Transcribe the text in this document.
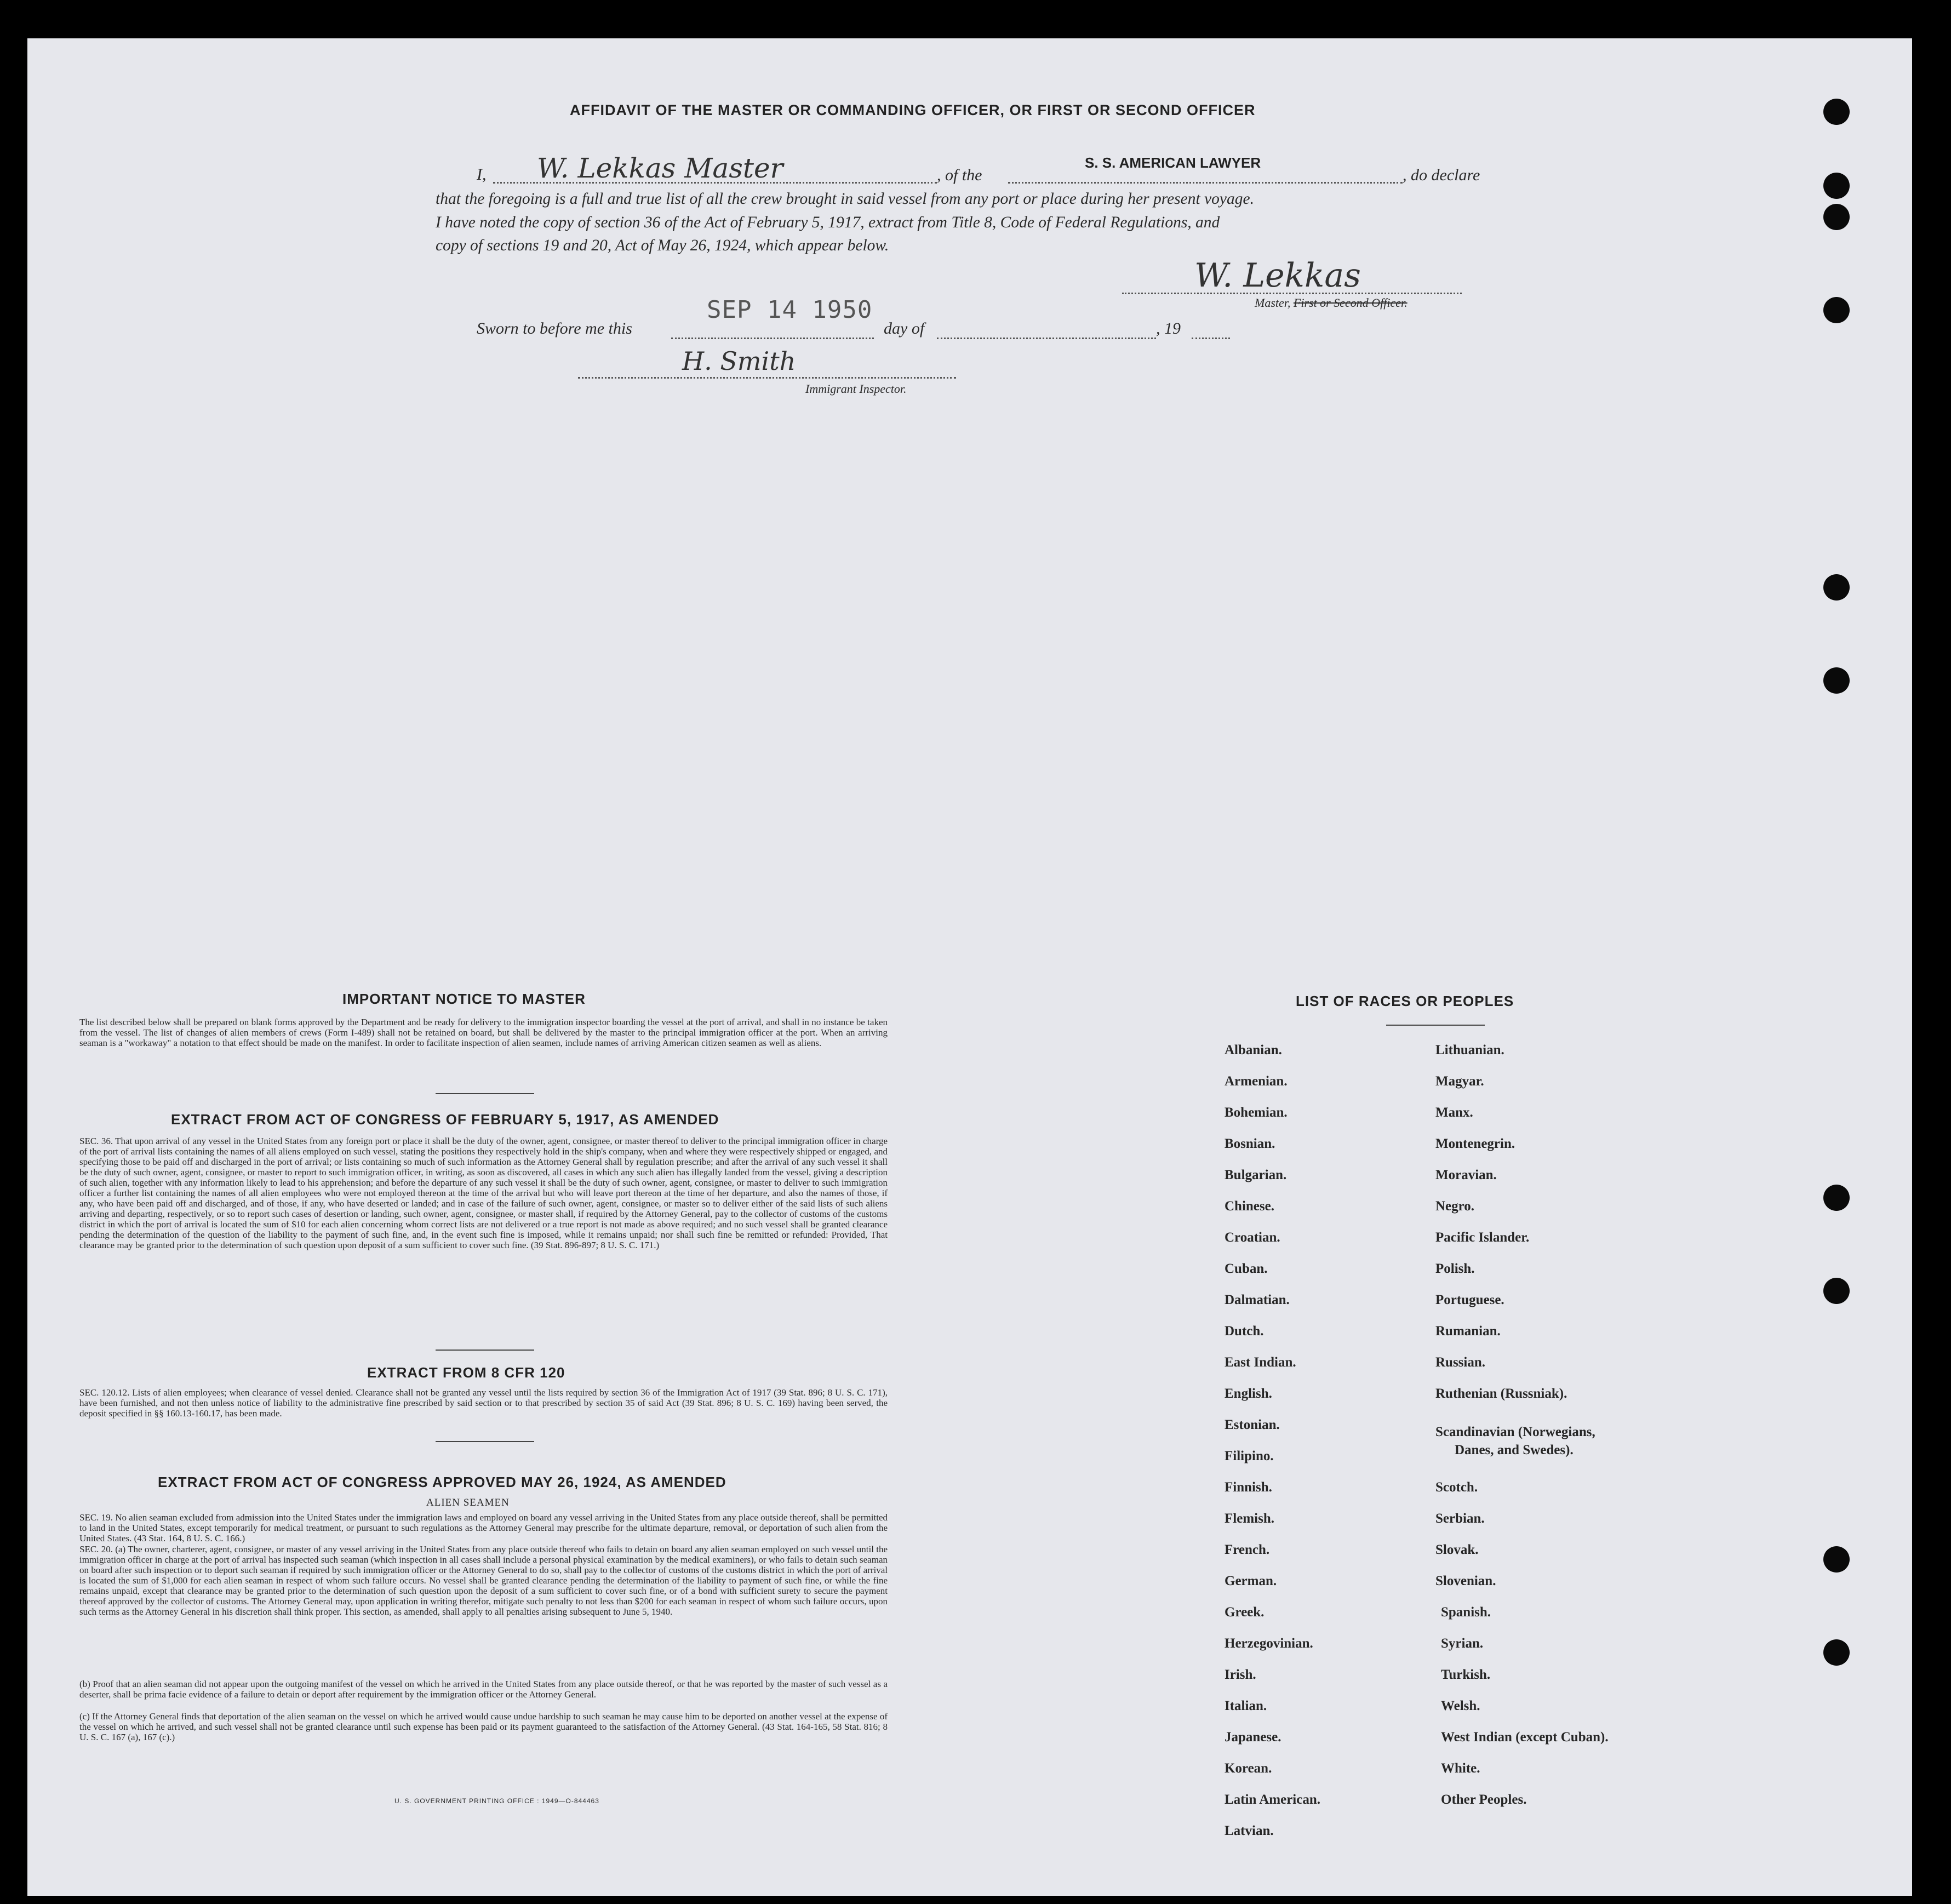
AFFIDAVIT OF THE MASTER OR COMMANDING OFFICER, OR FIRST OR SECOND OFFICER
I, W. Lekkas Master	, of the
S. S. AMERICAN LAWYER
, do declare
that the foregoing is a full and true list of all the crew brought in said vessel from any port or place during her present voyage.
I have noted the copy of section 36 of the Act of February 5, 1917, extract from Title 8, Code of Federal Regulations, and
copy of sections 19 and 20, Act of May 26, 1924, which appear below.
W. Lekkas
Master, First or Second Officer.
SEP 14 1950
Sworn to before me this	day of	, 19
H. Smith
Immigrant Inspector.
IMPORTANT NOTICE TO MASTER
The list described below shall be prepared on blank forms approved by the Department and be ready for delivery to the immigration inspector boarding the vessel at the port of arrival, and shall in no instance be taken from the vessel. The list of changes of alien members of crews (Form I-489) shall not be retained on board, but shall be delivered by the master to the principal immigration officer at the port. When an arriving seaman is a "workaway" a notation to that effect should be made on the manifest. In order to facilitate inspection of alien seamen, include names of arriving American citizen seamen as well as aliens.
EXTRACT FROM ACT OF CONGRESS OF FEBRUARY 5, 1917, AS AMENDED
SEC. 36. That upon arrival of any vessel in the United States from any foreign port or place it shall be the duty of the owner, agent, consignee, or master thereof to deliver to the principal immigration officer in charge of the port of arrival lists containing the names of all aliens employed on such vessel, stating the positions they respectively hold in the ship's company, when and where they were respectively shipped or engaged, and specifying those to be paid off and discharged in the port of arrival; or lists containing so much of such information as the Attorney General shall by regulation prescribe; and after the arrival of any such vessel it shall be the duty of such owner, agent, consignee, or master to report to such immigration officer, in writing, as soon as discovered, all cases in which any such alien has illegally landed from the vessel, giving a description of such alien, together with any information likely to lead to his apprehension; and before the departure of any such vessel it shall be the duty of such owner, agent, consignee, or master to deliver to such immigration officer a further list containing the names of all alien employees who were not employed thereon at the time of the arrival but who will leave port thereon at the time of her departure, and also the names of those, if any, who have been paid off and discharged, and of those, if any, who have deserted or landed; and in case of the failure of such owner, agent, consignee, or master so to deliver either of the said lists of such aliens arriving and departing, respectively, or so to report such cases of desertion or landing, such owner, agent, consignee, or master shall, if required by the Attorney General, pay to the collector of customs of the customs district in which the port of arrival is located the sum of $10 for each alien concerning whom correct lists are not delivered or a true report is not made as above required; and no such vessel shall be granted clearance pending the determination of the question of the liability to the payment of such fine, and, in the event such fine is imposed, while it remains unpaid; nor shall such fine be remitted or refunded: Provided, That clearance may be granted prior to the determination of such question upon deposit of a sum sufficient to cover such fine. (39 Stat. 896-897; 8 U. S. C. 171.)
EXTRACT FROM 8 CFR 120
SEC. 120.12. Lists of alien employees; when clearance of vessel denied. Clearance shall not be granted any vessel until the lists required by section 36 of the Immigration Act of 1917 (39 Stat. 896; 8 U. S. C. 171), have been furnished, and not then unless notice of liability to the administrative fine prescribed by said section or to that prescribed by section 35 of said Act (39 Stat. 896; 8 U. S. C. 169) having been served, the deposit specified in §§ 160.13-160.17, has been made.
EXTRACT FROM ACT OF CONGRESS APPROVED MAY 26, 1924, AS AMENDED
ALIEN SEAMEN
SEC. 19. No alien seaman excluded from admission into the United States under the immigration laws and employed on board any vessel arriving in the United States from any place outside thereof, shall be permitted to land in the United States, except temporarily for medical treatment, or pursuant to such regulations as the Attorney General may prescribe for the ultimate departure, removal, or deportation of such alien from the United States. (43 Stat. 164, 8 U. S. C. 166.)
SEC. 20. (a) The owner, charterer, agent, consignee, or master of any vessel arriving in the United States from any place outside thereof who fails to detain on board any alien seaman employed on such vessel until the immigration officer in charge at the port of arrival has inspected such seaman (which inspection in all cases shall include a personal physical examination by the medical examiners), or who fails to detain such seaman on board after such inspection or to deport such seaman if required by such immigration officer or the Attorney General to do so, shall pay to the collector of customs of the customs district in which the port of arrival is located the sum of $1,000 for each alien seaman in respect of whom such failure occurs. No vessel shall be granted clearance pending the determination of the liability to payment of such fine, or while the fine remains unpaid, except that clearance may be granted prior to the determination of such question upon the deposit of a sum sufficient to cover such fine, or of a bond with sufficient surety to secure the payment thereof approved by the collector of customs. The Attorney General may, upon application in writing therefor, mitigate such penalty to not less than $200 for each seaman in respect of whom such failure occurs, upon such terms as the Attorney General in his discretion shall think proper. This section, as amended, shall apply to all penalties arising subsequent to June 5, 1940.
(b) Proof that an alien seaman did not appear upon the outgoing manifest of the vessel on which he arrived in the United States from any place outside thereof, or that he was reported by the master of such vessel as a deserter, shall be prima facie evidence of a failure to detain or deport after requirement by the immigration officer or the Attorney General.
(c) If the Attorney General finds that deportation of the alien seaman on the vessel on which he arrived would cause undue hardship to such seaman he may cause him to be deported on another vessel at the expense of the vessel on which he arrived, and such vessel shall not be granted clearance until such expense has been paid or its payment guaranteed to the satisfaction of the Attorney General. (43 Stat. 164-165, 58 Stat. 816; 8 U. S. C. 167 (a), 167 (c).)
U. S. GOVERNMENT PRINTING OFFICE : 1949—O-844463
LIST OF RACES OR PEOPLES
Albanian.
Armenian.
Bohemian.
Bosnian.
Bulgarian.
Chinese.
Croatian.
Cuban.
Dalmatian.
Dutch.
East Indian.
English.
Estonian.
Filipino.
Finnish.
Flemish.
French.
German.
Greek.
Herzegovinian.
Irish.
Italian.
Japanese.
Korean.
Latin American.
Latvian.
Lithuanian.
Magyar.
Manx.
Montenegrin.
Moravian.
Negro.
Pacific Islander.
Polish.
Portuguese.
Rumanian.
Russian.
Ruthenian (Russniak).
Scandinavian (Norwegians,
Danes, and Swedes).
Scotch.
Serbian.
Slovak.
Slovenian.
Spanish.
Syrian.
Turkish.
Welsh.
West Indian (except Cuban).
White.
Other Peoples.
